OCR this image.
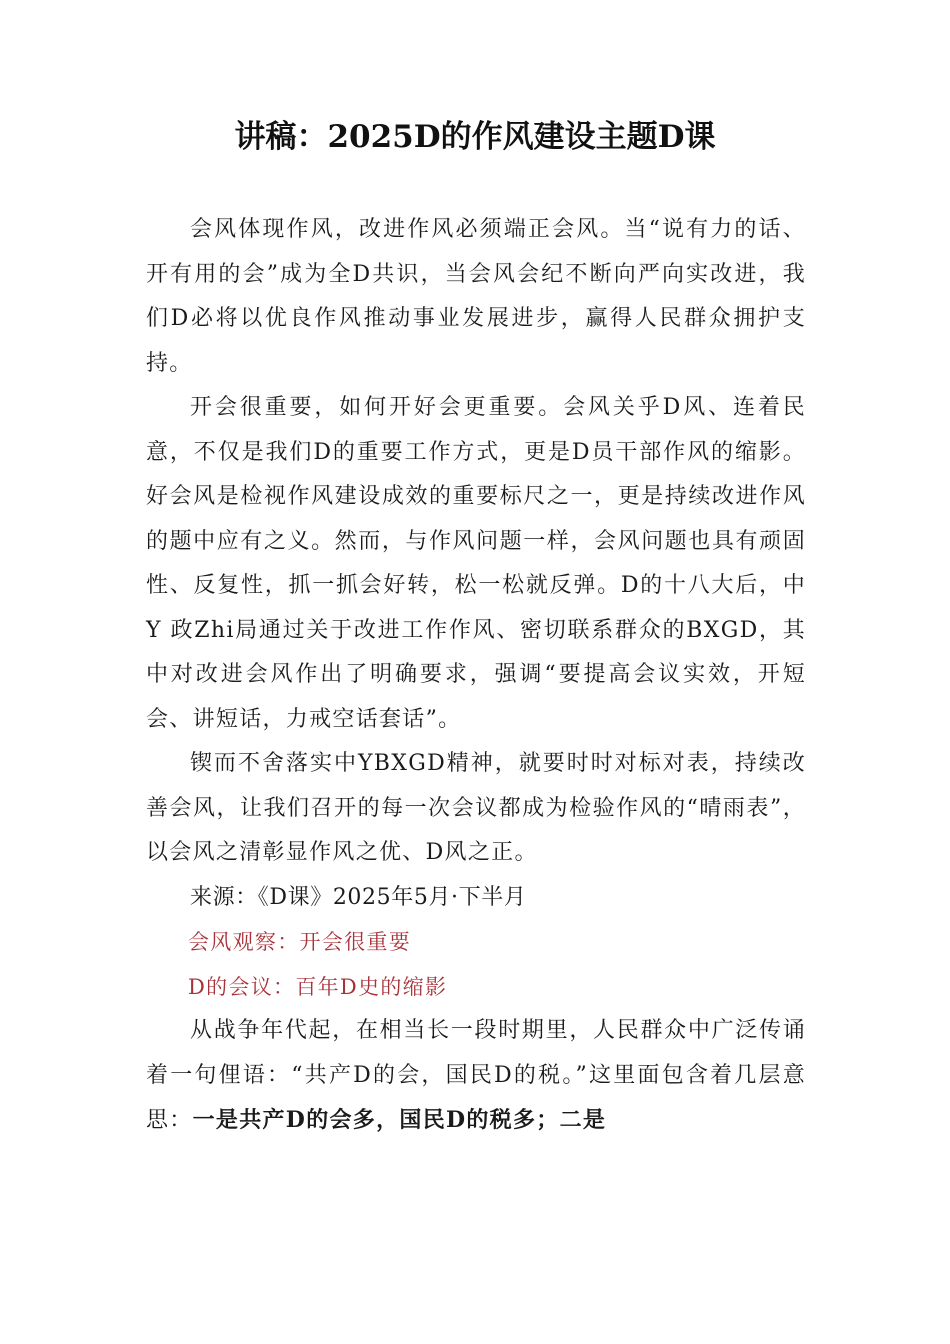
讲稿：2025D的作风建设主题D课

会风体现作风，改进作风必须端正会风。当“说有力的话、开有用的会”成为全D共识，当会风会纪不断向严向实改进，我们D必将以优良作风推动事业发展进步，赢得人民群众拥护支持。

开会很重要，如何开好会更重要。会风关乎D风、连着民意，不仅是我们D的重要工作方式，更是D员干部作风的缩影。好会风是检视作风建设成效的重要标尺之一，更是持续改进作风的题中应有之义。然而，与作风问题一样，会风问题也具有顽固性、反复性，抓一抓会好转，松一松就反弹。D的十八大后，中Y 政Zhi局通过关于改进工作作风、密切联系群众的BXGD，其中对改进会风作出了明确要求，强调“要提高会议实效，开短会、讲短话，力戒空话套话”。

锲而不舍落实中YBXGD精神，就要时时对标对表，持续改善会风，让我们召开的每一次会议都成为检验作风的“晴雨表”，以会风之清彰显作风之优、D风之正。

来源：《D课》2025年5月·下半月

会风观察：开会很重要

D的会议：百年D史的缩影

从战争年代起，在相当长一段时期里，人民群众中广泛传诵着一句俚语：“共产D的会，国民D的税。”这里面包含着几层意思：一是共产D的会多，国民D的税多；二是
